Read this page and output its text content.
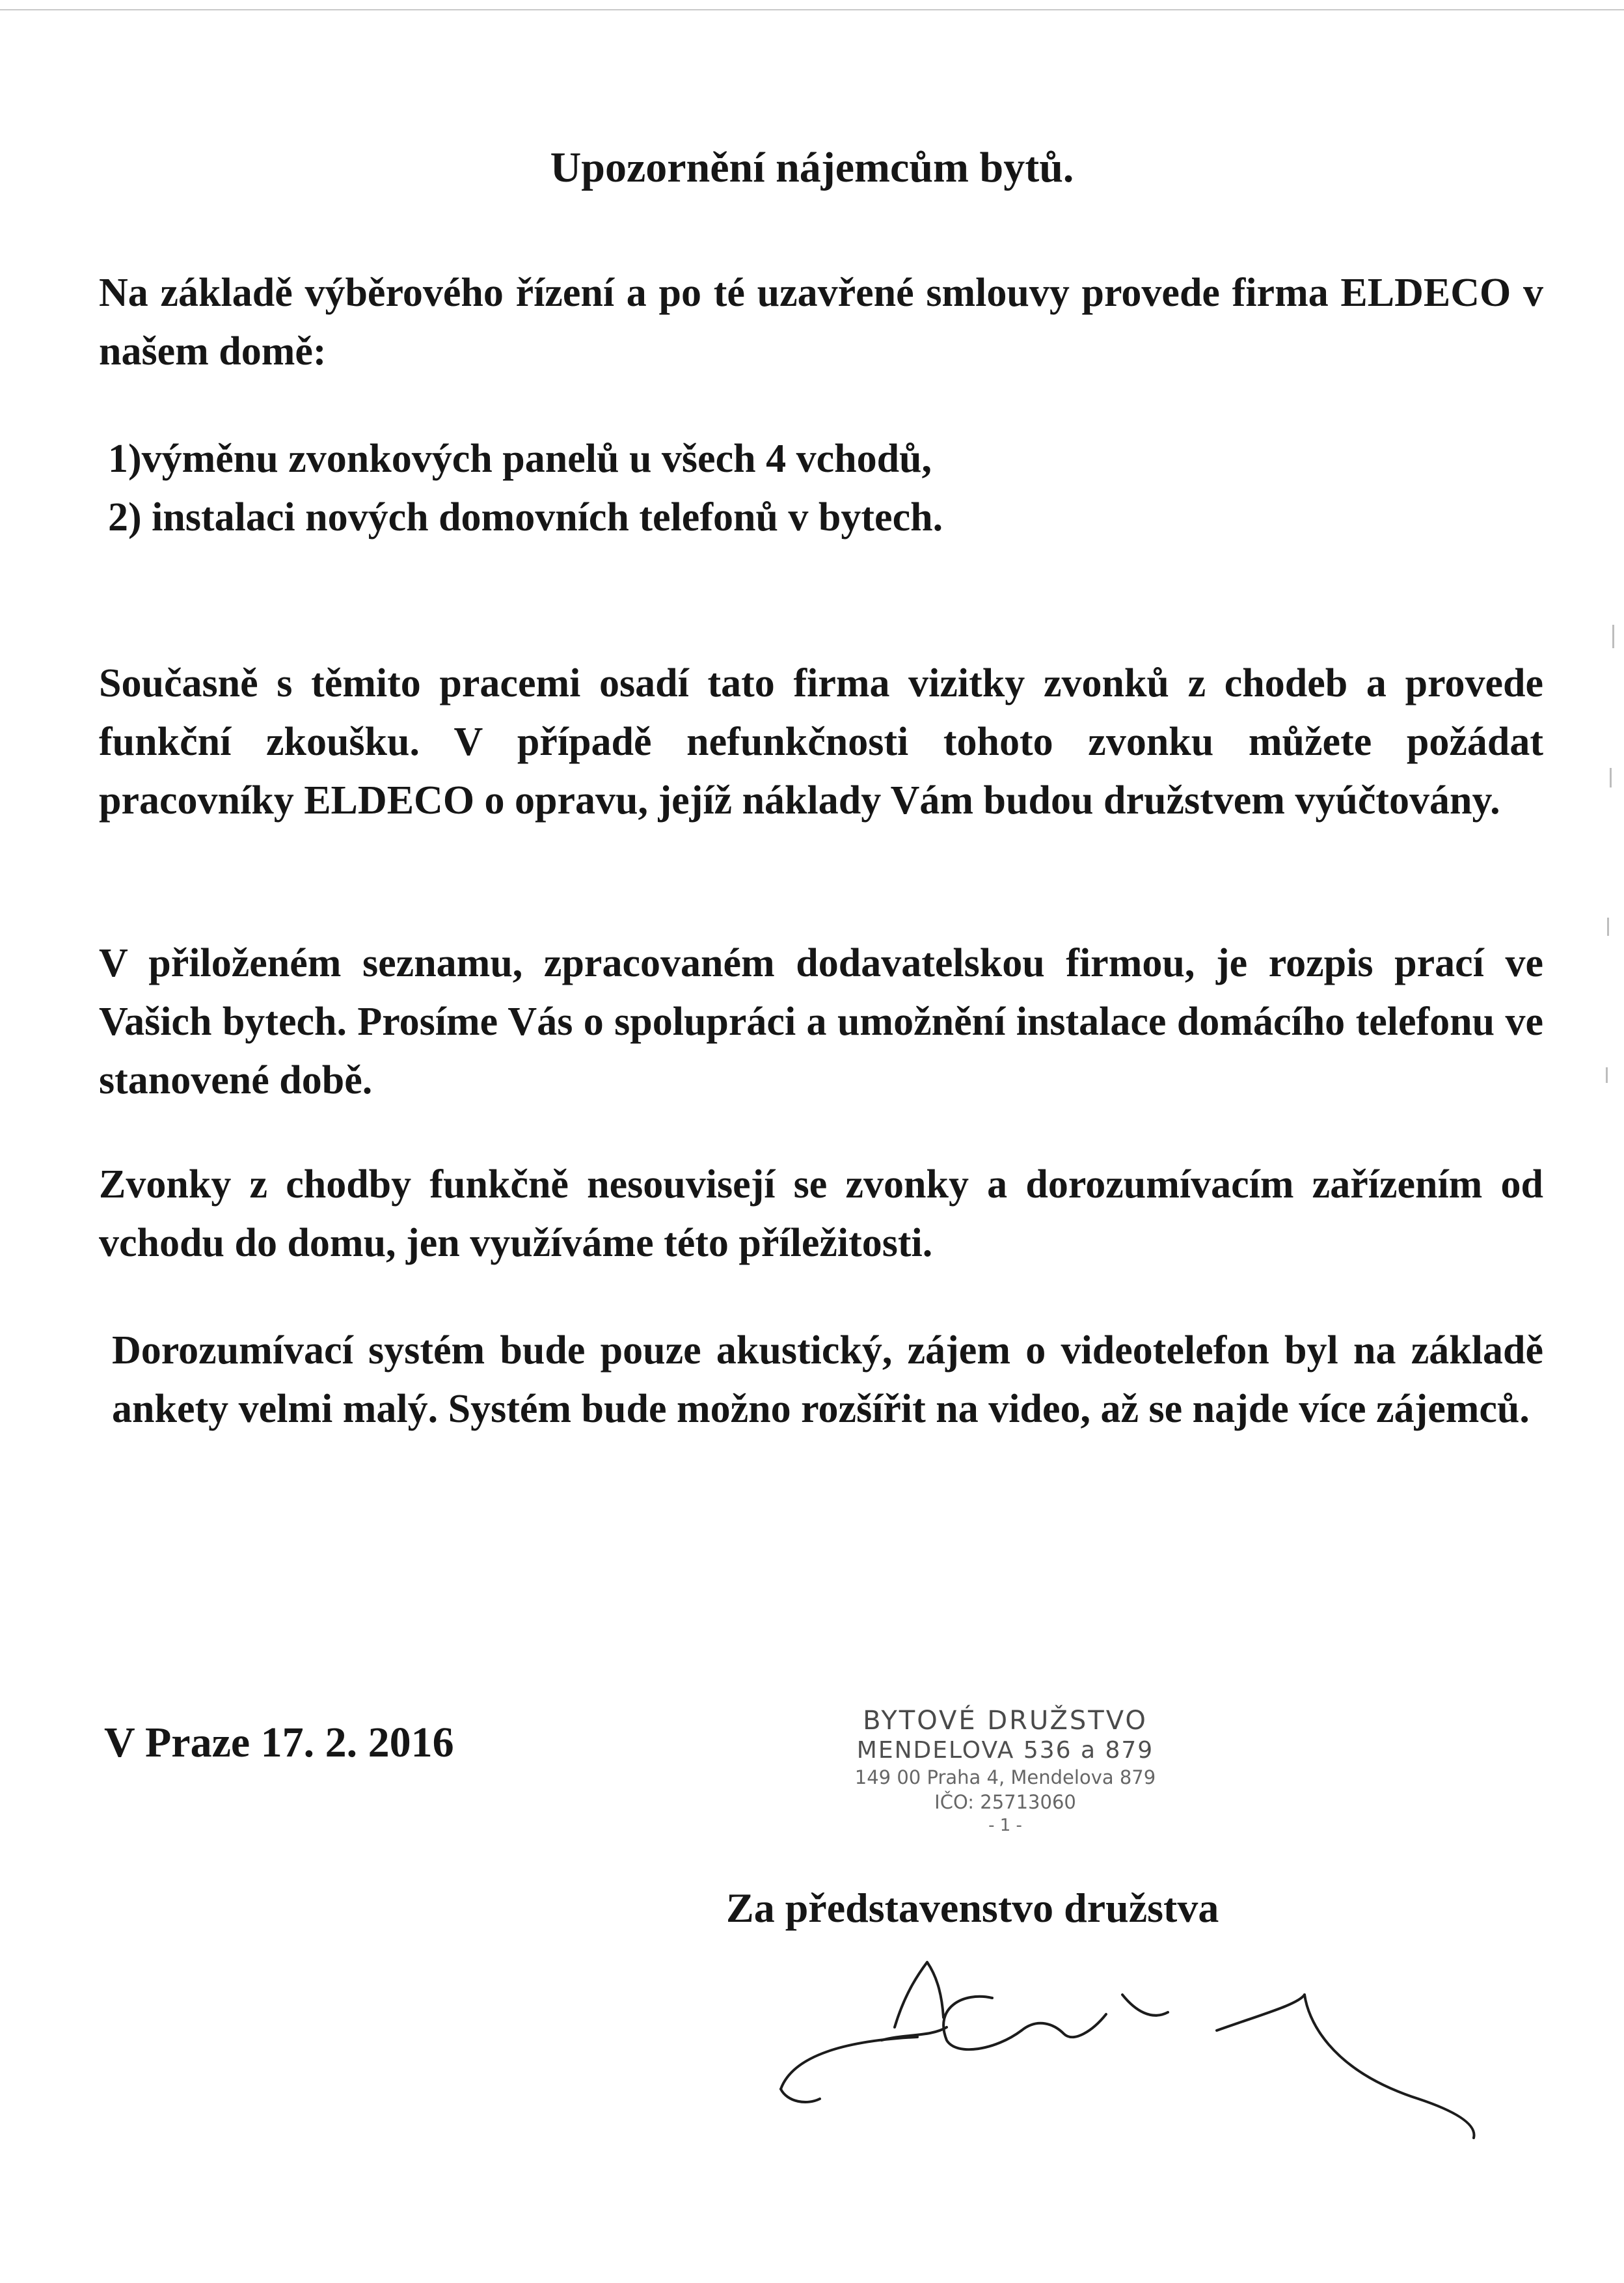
Upozornění nájemcům bytů.

Na základě výběrového řízení a po té uzavřené smlouvy provede firma ELDECO v našem domě:

1)výměnu zvonkových panelů u všech 4 vchodů,
2) instalaci nových domovních telefonů v bytech.

Současně s těmito pracemi osadí tato firma vizitky zvonků z chodeb a provede funkční zkoušku. V případě nefunkčnosti tohoto zvonku můžete požádat pracovníky ELDECO o opravu, jejíž náklady Vám budou družstvem vyúčtovány.

V přiloženém seznamu, zpracovaném dodavatelskou firmou, je rozpis prací ve Vašich bytech. Prosíme Vás o spolupráci a umožnění instalace domácího telefonu ve stanovené době.

Zvonky z chodby funkčně nesouvisejí se zvonky a dorozumívacím zařízením od vchodu do domu, jen využíváme této příležitosti.

Dorozumívací systém bude pouze akustický, zájem o videotelefon byl na základě ankety velmi malý. Systém bude možno rozšířit na video, až se najde více zájemců.

V Praze 17. 2. 2016	BYTOVÉ DRUŽSTVO
MENDELOVA 536 a 879
149 00 Praha 4, Mendelova 879
IČO: 25713060
- 1 -

Za představenstvo družstva
